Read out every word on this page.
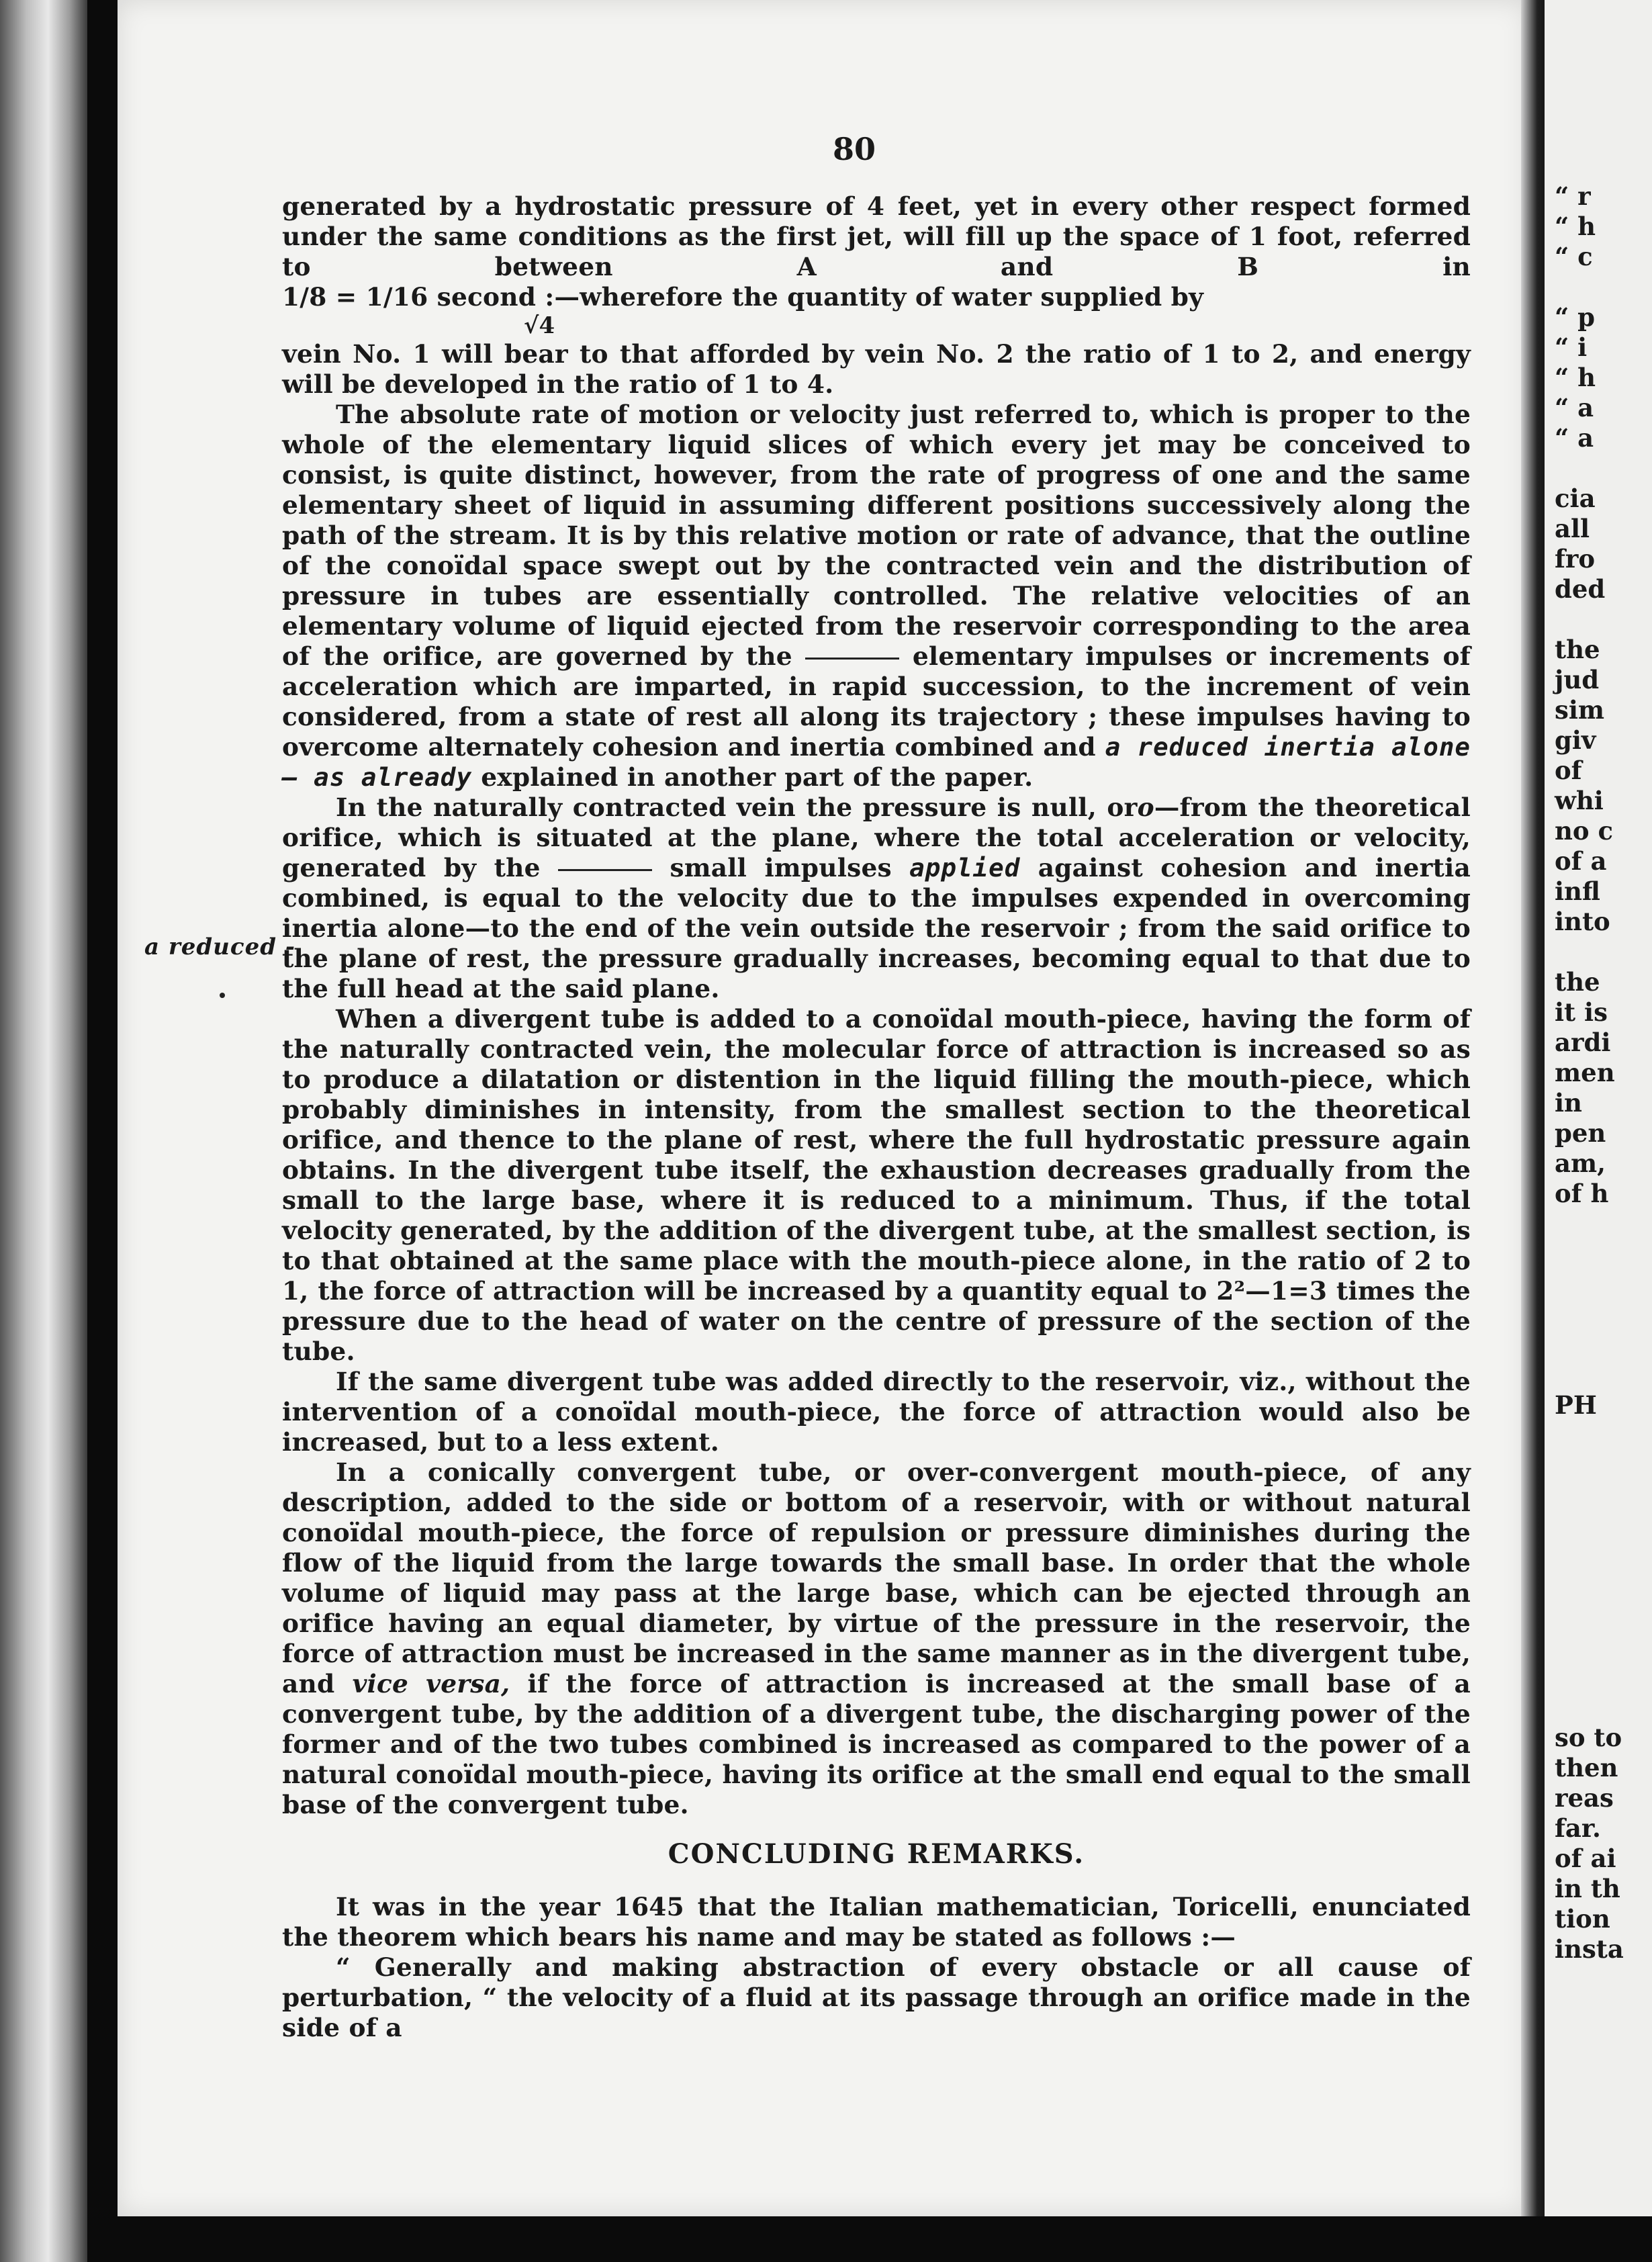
“ r
“ h
“ c
“ p
“ i
“ h
“ a
“ a
cia
all
fro
ded
the
jud
sim
giv
of
whi
no c
of a
infl
into
the
it is
ardi
men
in
pen
am,
of h
PH
so to
then
reas
far.
of ai
in th
tion
insta
80
a reduced -

generated by a hydrostatic pressure of 4 feet, yet in every other respect formed under the same conditions as the first jet, will fill up the space of 1 foot, referred to between A and B in 1/8 = 1/16 second :—wherefore the quantity of water supplied by

√4

vein No. 1 will bear to that afforded by vein No. 2 the ratio of 1 to 2, and energy will be developed in the ratio of 1 to 4.

The absolute rate of motion or velocity just referred to, which is proper to the whole of the elementary liquid slices of which every jet may be conceived to consist, is quite distinct, however, from the rate of progress of one and the same elementary sheet of liquid in assuming different positions successively along the path of the stream. It is by this relative motion or rate of advance, that the outline of the conoïdal space swept out by the contracted vein and the distribution of pressure in tubes are essentially controlled. The relative velocities of an elementary volume of liquid ejected from the reservoir corresponding to the area of the orifice, are governed by the	elementary impulses or increments of acceleration which are imparted, in rapid succession, to the increment of vein considered, from a state of rest all along its trajectory ; these impulses having to overcome alternately cohesion and inertia combined and a reduced inertia alone — as already explained in another part of the paper.

In the naturally contracted vein the pressure is null, oro—from the theoretical orifice, which is situated at the plane, where the total acceleration or velocity, generated by the	small impulses applied against cohesion and inertia combined, is equal to the velocity due to the impulses expended in overcoming inertia alone—to the end of the vein outside the reservoir ; from the said orifice to the plane of rest, the pressure gradually increases, becoming equal to that due to the full head at the said plane.

When a divergent tube is added to a conoïdal mouth-piece, having the form of the naturally contracted vein, the molecular force of attraction is increased so as to produce a dilatation or distention in the liquid filling the mouth-piece, which probably diminishes in intensity, from the smallest section to the theoretical orifice, and thence to the plane of rest, where the full hydrostatic pressure again obtains. In the divergent tube itself, the exhaustion decreases gradually from the small to the large base, where it is reduced to a minimum. Thus, if the total velocity generated, by the addition of the divergent tube, at the smallest section, is to that obtained at the same place with the mouth-piece alone, in the ratio of 2 to 1, the force of attraction will be increased by a quantity equal to 2²—1=3 times the pressure due to the head of water on the centre of pressure of the section of the tube.

If the same divergent tube was added directly to the reservoir, viz., without the intervention of a conoïdal mouth-piece, the force of attraction would also be increased, but to a less extent.

In a conically convergent tube, or over-convergent mouth-piece, of any description, added to the side or bottom of a reservoir, with or without natural conoïdal mouth-piece, the force of repulsion or pressure diminishes during the flow of the liquid from the large towards the small base. In order that the whole volume of liquid may pass at the large base, which can be ejected through an orifice having an equal diameter, by virtue of the pressure in the reservoir, the force of attraction must be increased in the same manner as in the divergent tube, and vice versa, if the force of attraction is increased at the small base of a convergent tube, by the addition of a divergent tube, the discharging power of the former and of the two tubes combined is increased as compared to the power of a natural conoïdal mouth-piece, having its orifice at the small end equal to the small base of the convergent tube.

CONCLUDING REMARKS.

It was in the year 1645 that the Italian mathematician, Toricelli, enunciated the theorem which bears his name and may be stated as follows :—

“ Generally and making abstraction of every obstacle or all cause of perturbation, “ the velocity of a fluid at its passage through an orifice made in the side of a
